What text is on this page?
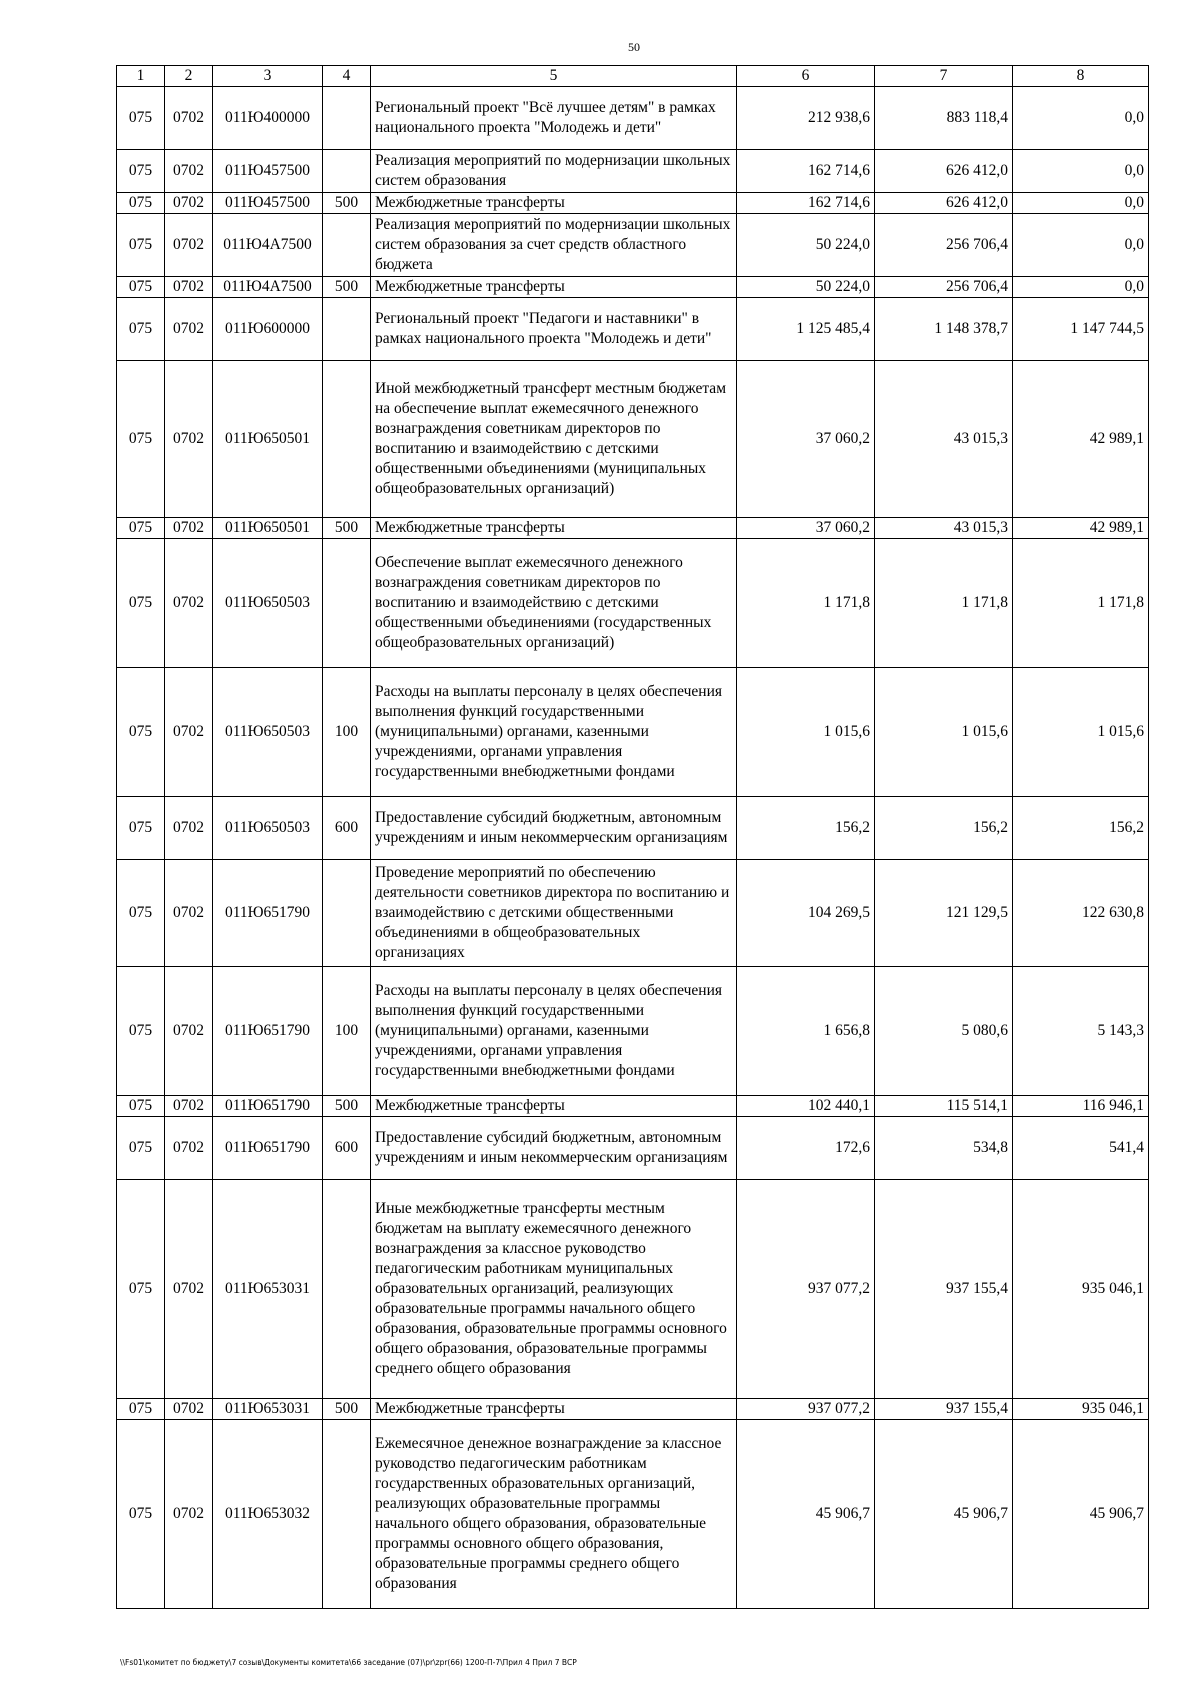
50
1	2	3	4	5	6	7	8
075	0702	011Ю400000		Региональный проект "Всё лучшее детям" в рамках национального проекта "Молодежь и дети"	212 938,6	883 118,4	0,0
075	0702	011Ю457500		Реализация мероприятий по модернизации школьных систем образования	162 714,6	626 412,0	0,0
075	0702	011Ю457500	500	Межбюджетные трансферты	162 714,6	626 412,0	0,0
075	0702	011Ю4А7500		Реализация мероприятий по модернизации школьных систем образования за счет средств областного бюджета	50 224,0	256 706,4	0,0
075	0702	011Ю4А7500	500	Межбюджетные трансферты	50 224,0	256 706,4	0,0
075	0702	011Ю600000		Региональный проект "Педагоги и наставники" в рамках национального проекта "Молодежь и дети"	1 125 485,4	1 148 378,7	1 147 744,5
075	0702	011Ю650501		Иной межбюджетный трансферт местным бюджетам на обеспечение выплат ежемесячного денежного вознаграждения советникам директоров по воспитанию и взаимодействию с детскими общественными объединениями (муниципальных общеобразовательных организаций)	37 060,2	43 015,3	42 989,1
075	0702	011Ю650501	500	Межбюджетные трансферты	37 060,2	43 015,3	42 989,1
075	0702	011Ю650503		Обеспечение выплат ежемесячного денежного вознаграждения советникам директоров по воспитанию и взаимодействию с детскими общественными объединениями (государственных общеобразовательных организаций)	1 171,8	1 171,8	1 171,8
075	0702	011Ю650503	100	Расходы на выплаты персоналу в целях обеспечения выполнения функций государственными (муниципальными) органами, казенными учреждениями, органами управления государственными внебюджетными фондами	1 015,6	1 015,6	1 015,6
075	0702	011Ю650503	600	Предоставление субсидий бюджетным, автономным учреждениям и иным некоммерческим организациям	156,2	156,2	156,2
075	0702	011Ю651790		Проведение мероприятий по обеспечению деятельности советников директора по воспитанию и взаимодействию с детскими общественными объединениями в общеобразовательных организациях	104 269,5	121 129,5	122 630,8
075	0702	011Ю651790	100	Расходы на выплаты персоналу в целях обеспечения выполнения функций государственными (муниципальными) органами, казенными учреждениями, органами управления государственными внебюджетными фондами	1 656,8	5 080,6	5 143,3
075	0702	011Ю651790	500	Межбюджетные трансферты	102 440,1	115 514,1	116 946,1
075	0702	011Ю651790	600	Предоставление субсидий бюджетным, автономным учреждениям и иным некоммерческим организациям	172,6	534,8	541,4
075	0702	011Ю653031		Иные межбюджетные трансферты местным бюджетам на выплату ежемесячного денежного вознаграждения за классное руководство педагогическим работникам муниципальных образовательных организаций, реализующих образовательные программы начального общего образования, образовательные программы основного общего образования, образовательные программы среднего общего образования	937 077,2	937 155,4	935 046,1
075	0702	011Ю653031	500	Межбюджетные трансферты	937 077,2	937 155,4	935 046,1
075	0702	011Ю653032		Ежемесячное денежное вознаграждение за классное руководство педагогическим работникам государственных образовательных организаций, реализующих образовательные программы начального общего образования, образовательные программы основного общего образования, образовательные программы среднего общего образования	45 906,7	45 906,7	45 906,7
\\Fs01\комитет по бюджету\7 созыв\Документы комитета\66 заседание (07)\pr\zpr(66) 1200-П-7\Прил 4 Прил 7 ВСР
